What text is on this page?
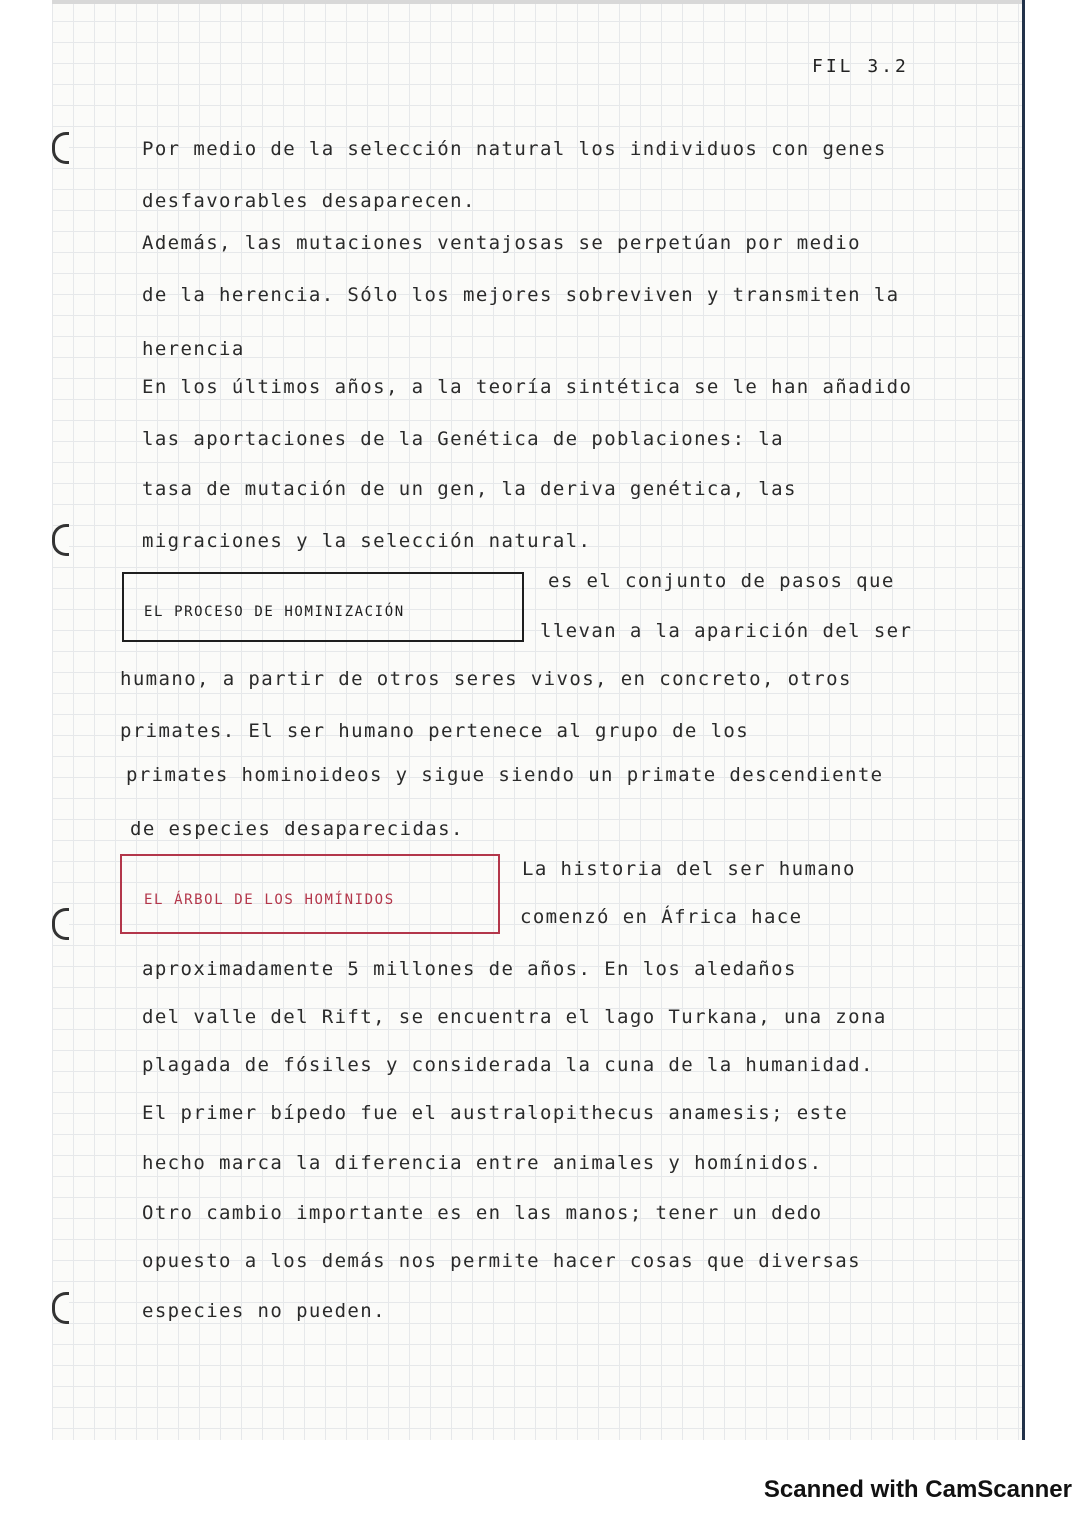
FIL 3.2
Por medio de la selección natural los individuos con genes
desfavorables desaparecen.
Además, las mutaciones ventajosas se perpetúan por medio
de la herencia. Sólo los mejores sobreviven y transmiten la
herencia
En los últimos años, a la teoría sintética se le han añadido
las aportaciones de la Genética de poblaciones: la
tasa de mutación de un gen, la deriva genética, las
migraciones y la selección natural.
EL PROCESO DE HOMINIZACIÓN
es el conjunto de pasos que
llevan a la aparición del ser
humano, a partir de otros seres vivos, en concreto, otros
primates. El ser humano pertenece al grupo de los
primates hominoideos y sigue siendo un primate descendiente
de especies desaparecidas.
EL ÁRBOL DE LOS HOMÍNIDOS
La historia del ser humano
comenzó en África hace
aproximadamente 5 millones de años. En los aledaños
del valle del Rift, se encuentra el lago Turkana, una zona
plagada de fósiles y considerada la cuna de la humanidad.
El primer bípedo fue el australopithecus anamesis; este
hecho marca la diferencia entre animales y homínidos.
Otro cambio importante es en las manos; tener un dedo
opuesto a los demás nos permite hacer cosas que diversas
especies no pueden.
Scanned with CamScanner
